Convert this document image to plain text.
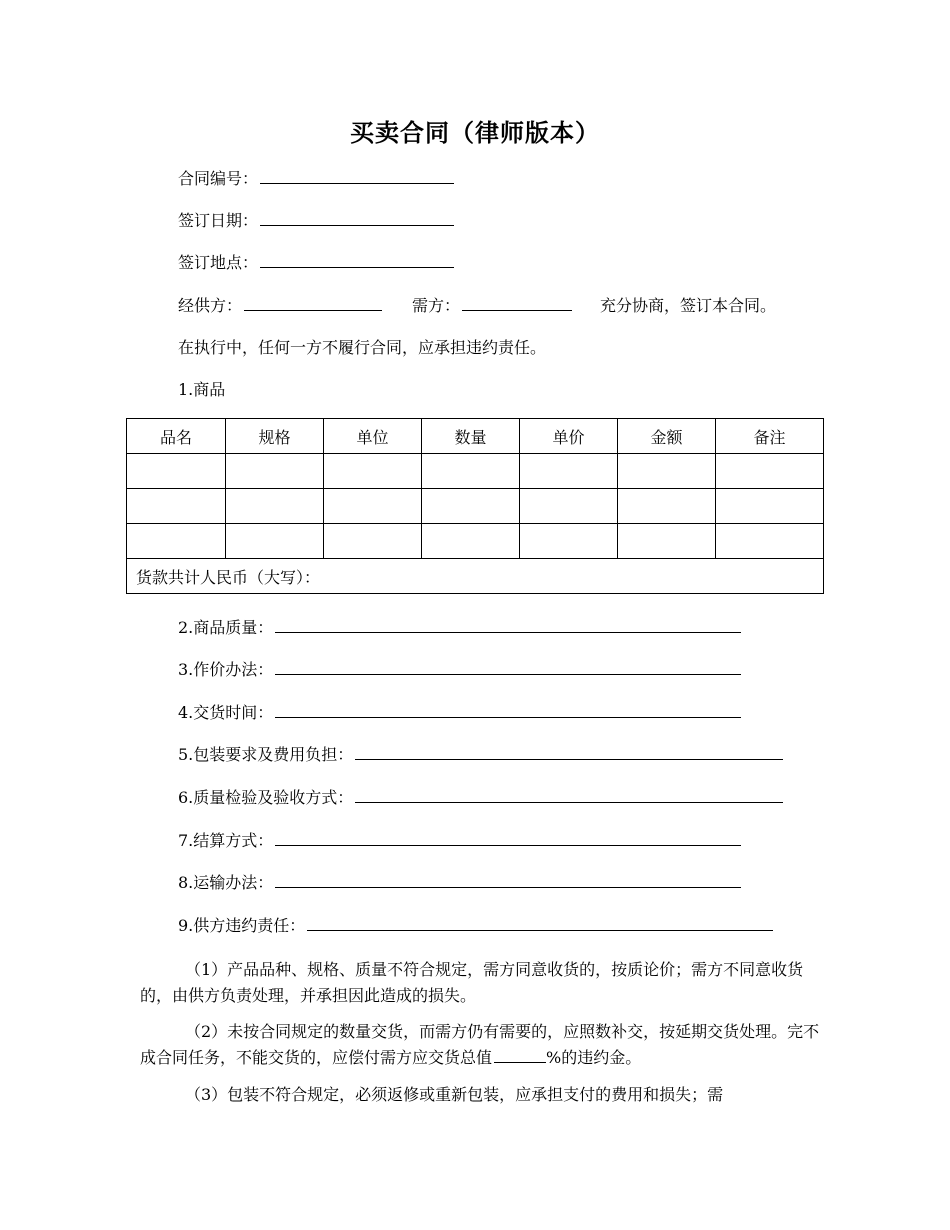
买卖合同（律师版本）
合同编号：
签订日期：
签订地点：
经供方：	需方：	充分协商，签订本合同。
在执行中，任何一方不履行合同，应承担违约责任。
1.商品
品名	规格	单位	数量	单价	金额	备注

货款共计人民币（大写）：						
2.商品质量：
3.作价办法：
4.交货时间：
5.包装要求及费用负担：
6.质量检验及验收方式：
7.结算方式：
8.运输办法：
9.供方违约责任：
（1）产品品种、规格、质量不符合规定，需方同意收货的，按质论价；需方不同意收货的，由供方负责处理，并承担因此造成的损失。
（2）未按合同规定的数量交货，而需方仍有需要的，应照数补交，按延期交货处理。完不成合同任务，不能交货的，应偿付需方应交货总值	%的违约金。
（3）包装不符合规定，必须返修或重新包装，应承担支付的费用和损失；需
